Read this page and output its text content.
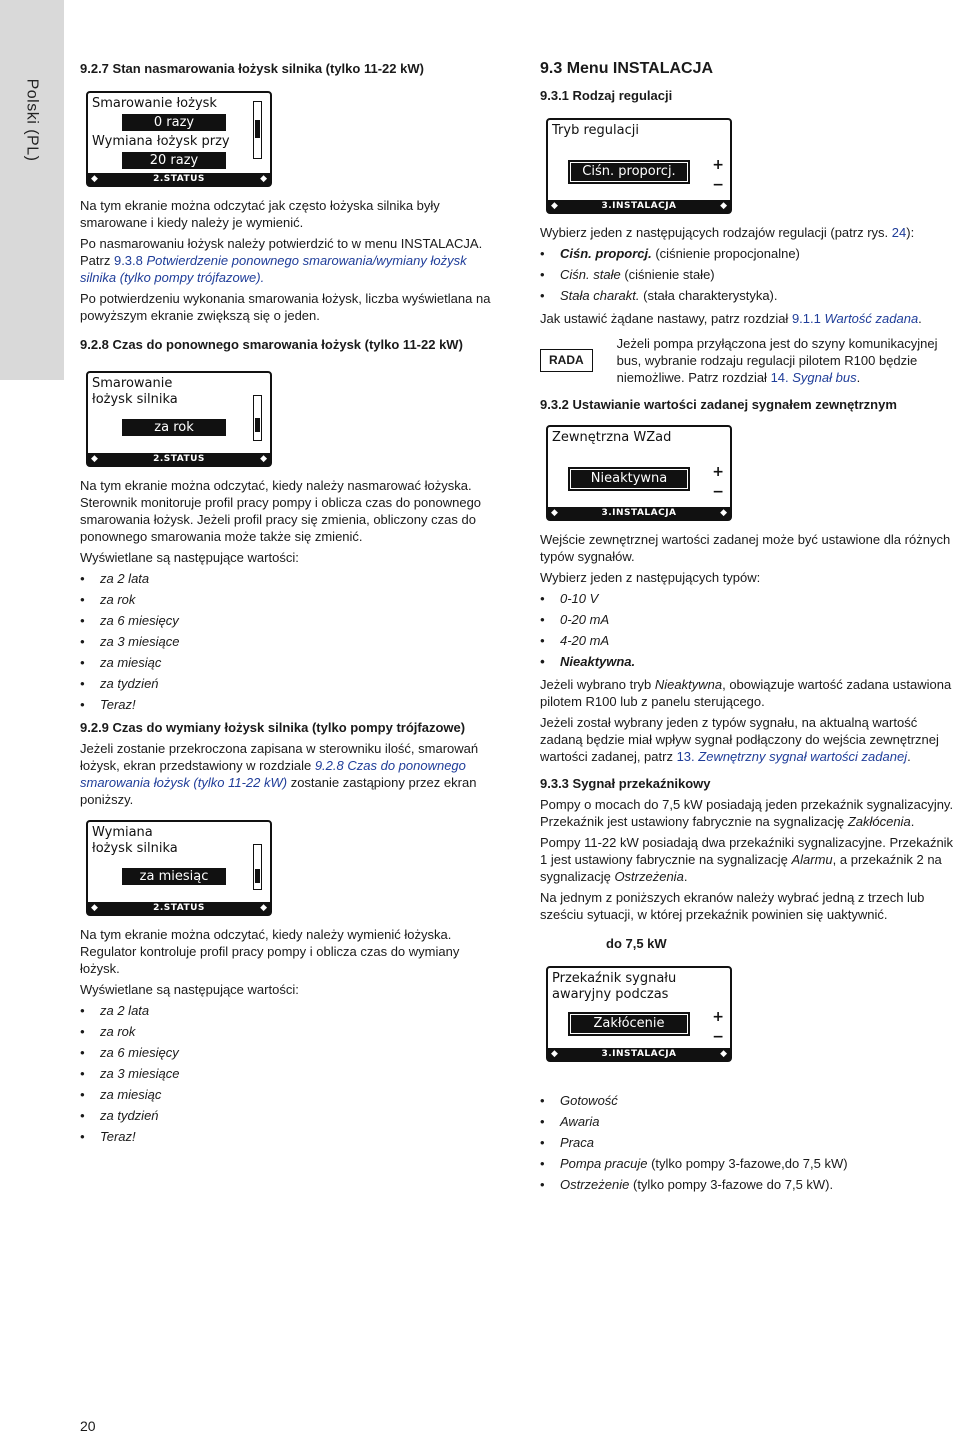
Polski (PL)
9.2.7 Stan nasmarowania łożysk silnika (tylko 11-22 kW)
Smarowanie łożysk
0 razy
Wymiana łożysk przy
20 razy
2.STATUS
◆	◆

Na tym ekranie można odczytać jak często łożyska silnika były smarowane i kiedy należy je wymienić.

Po nasmarowaniu łożysk należy potwierdzić to w menu INSTALACJA. Patrz 9.3.8 Potwierdzenie ponownego smarowania/wymiany łożysk silnika (tylko pompy trójfazowe).

Po potwierdzeniu wykonania smarowania łożysk, liczba wyświetlana na powyższym ekranie zwiększą się o jeden.

9.2.8 Czas do ponownego smarowania łożysk (tylko 11-22 kW)
Smarowanie
łożysk silnika
za rok
2.STATUS
◆	◆

Na tym ekranie można odczytać, kiedy należy nasmarować łożyska. Sterownik monitoruje profil pracy pompy i oblicza czas do ponownego smarowania łożysk. Jeżeli profil pracy się zmienia, obliczony czas do ponownego smarowania może także się zmienić.

Wyświetlane są następujące wartości:

• za 2 lata
• za rok
• za 6 miesięcy
• za 3 miesiące
• za miesiąc
• za tydzień
• Teraz!
9.2.9 Czas do wymiany łożysk silnika (tylko pompy trójfazowe)

Jeżeli zostanie przekroczona zapisana w sterowniku ilość, smarowań łożysk, ekran przedstawiony w rozdziale 9.2.8 Czas do ponownego smarowania łożysk (tylko 11-22 kW) zostanie zastąpiony przez ekran poniższy.

Wymiana
łożysk silnika
za miesiąc
2.STATUS
◆	◆

Na tym ekranie można odczytać, kiedy należy wymienić łożyska. Regulator kontroluje profil pracy pompy i oblicza czas do wymiany łożysk.

Wyświetlane są następujące wartości:

• za 2 lata
• za rok
• za 6 miesięcy
• za 3 miesiące
• za miesiąc
• za tydzień
• Teraz!
9.3 Menu INSTALACJA
9.3.1 Rodzaj regulacji
Tryb regulacji
Ciśn. proporcj.	+
−
3.INSTALACJA
◆	◆

Wybierz jeden z następujących rodzajów regulacji (patrz rys. 24):

• Ciśn. proporcj. (ciśnienie propocjonalne)
• Ciśn. stałe (ciśnienie stałe)
• Stała charakt. (stała charakterystyka).

Jak ustawić żądane nastawy, patrz rozdział 9.1.1 Wartość zadana.

RADA
Jeżeli pompa przyłączona jest do szyny komunikacyjnej bus, wybranie rodzaju regulacji pilotem R100 będzie niemożliwe. Patrz rozdział 14. Sygnał bus.
9.3.2 Ustawianie wartości zadanej sygnałem zewnętrznym
Zewnętrzna WZad
Nieaktywna	+
−
3.INSTALACJA
◆	◆

Wejście zewnętrznej wartości zadanej może być ustawione dla różnych typów sygnałów.

Wybierz jeden z następujących typów:

• 0-10 V
• 0-20 mA
• 4-20 mA
• Nieaktywna.

Jeżeli wybrano tryb Nieaktywna, obowiązuje wartość zadana ustawiona pilotem R100 lub z panelu sterującego.

Jeżeli został wybrany jeden z typów sygnału, na aktualną wartość zadaną będzie miał wpływ sygnał podłączony do wejścia zewnętrznej wartości zadanej, patrz 13. Zewnętrzny sygnał wartości zadanej.

9.3.3 Sygnał przekaźnikowy

Pompy o mocach do 7,5 kW posiadają jeden przekaźnik sygnalizacyjny. Przekaźnik jest ustawiony fabrycznie na sygnalizację Zakłócenia.

Pompy 11-22 kW posiadają dwa przekaźniki sygnalizacyjne. Przekaźnik 1 jest ustawiony fabrycznie na sygnalizację Alarmu, a przekaźnik 2 na sygnalizację Ostrzeżenia.

Na jednym z poniższych ekranów należy wybrać jedną z trzech lub sześciu sytuacji, w której przekaźnik powinien się uaktywnić.

do 7,5 kW
Przekaźnik sygnału
awaryjny podczas
Zakłócenie	+
−
3.INSTALACJA
◆	◆
• Gotowość
• Awaria
• Praca
• Pompa pracuje (tylko pompy 3-fazowe,do 7,5 kW)
• Ostrzeżenie (tylko pompy 3-fazowe do 7,5 kW).
20
